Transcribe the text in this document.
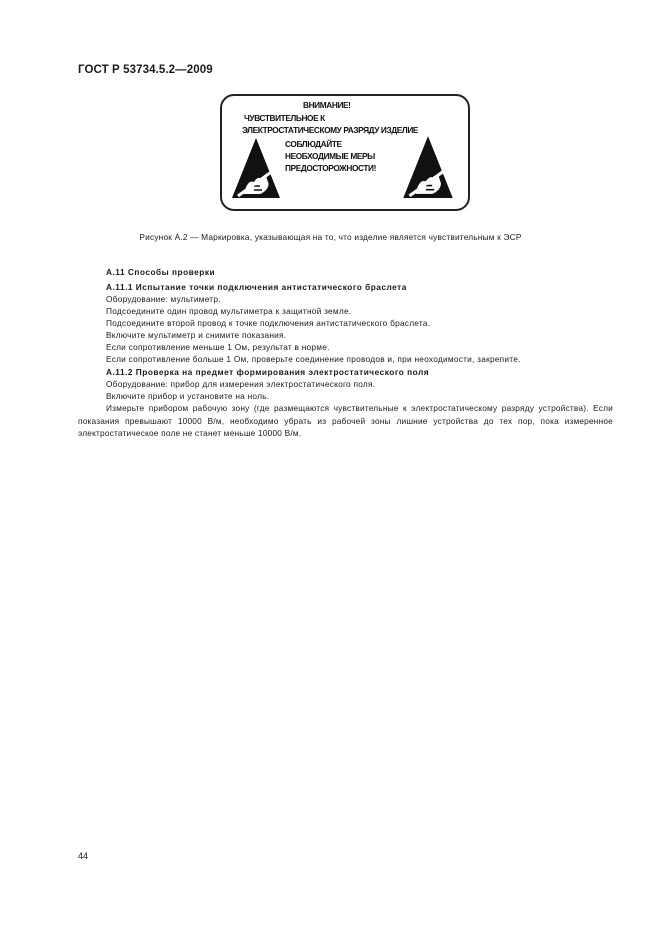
ГОСТ Р 53734.5.2—2009
ВНИМАНИЕ!
ЧУВСТВИТЕЛЬНОЕ К
ЭЛЕКТРОСТАТИЧЕСКОМУ РАЗРЯДУ ИЗДЕЛИЕ
СОБЛЮДАЙТЕ
НЕОБХОДИМЫЕ МЕРЫ
ПРЕДОСТОРОЖНОСТИ!
Рисунок А.2 — Маркировка, указывающая на то, что изделие является чувствительным к ЭСР
А.11 Способы проверки
А.11.1 Испытание точки подключения антистатического браслета
Оборудование: мультиметр.
Подсоедините один провод мультиметра к защитной земле.
Подсоедините второй провод к точке подключения антистатического браслета.
Включите мультиметр и снимите показания.
Если сопротивление меньше 1 Ом, результат в норме.
Если сопротивление больше 1 Ом, проверьте соединение проводов и, при неоходимости, закрепите.
А.11.2 Проверка на предмет формирования электростатического поля
Оборудование: прибор для измерения электростатического поля.
Включите прибор и установите на ноль.
Измерьте прибором рабочую зону (где размещаются чувствительные к электростатическому разряду устройства). Если показания превышают 10000 В/м, необходимо убрать из рабочей зоны лишние устройства до тех пор, пока измеренное электростатическое поле не станет меньше 10000 В/м.
44
